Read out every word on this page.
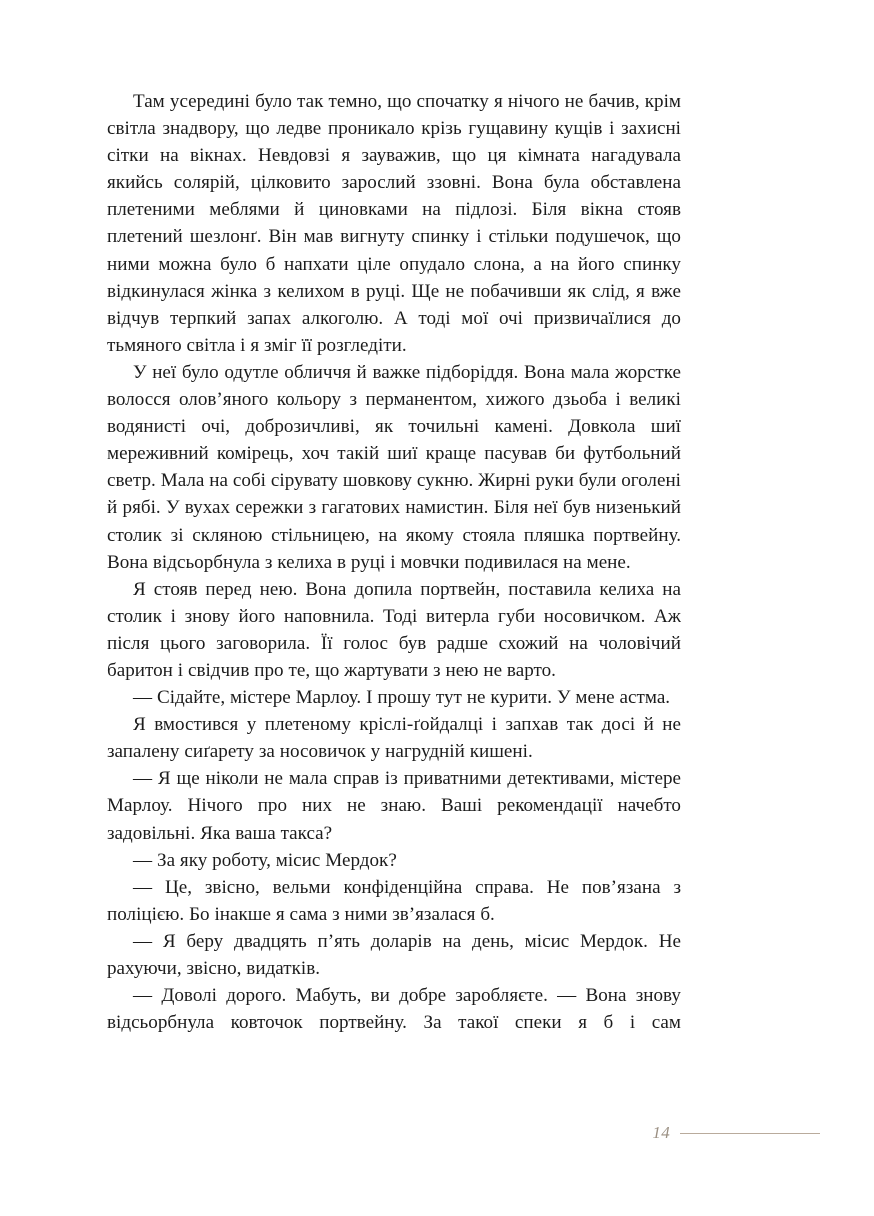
Там усередині було так темно, що спочатку я нічого не бачив, крім світла знадвору, що ледве проникало крізь гущавину кущів і захисні сітки на вікнах. Невдовзі я зауважив, що ця кімната нагадувала якийсь солярій, цілковито зарослий ззовні. Вона була обставлена плетеними меблями й циновками на підлозі. Біля вікна стояв плетений шезлонґ. Він мав вигнуту спинку і стільки подушечок, що ними можна було б напхати ціле опудало слона, а на його спинку відкинулася жінка з келихом в руці. Ще не побачивши як слід, я вже відчув терпкий запах алкоголю. А тоді мої очі призвичаїлися до тьмяного світла і я зміг її розгледіти.

У неї було одутле обличчя й важке підборіддя. Вона мала жорстке волосся олов’яного кольору з перманентом, хижого дзьоба і великі водянисті очі, доброзичливі, як точильні камені. Довкола шиї мереживний комірець, хоч такій шиї краще пасував би футбольний светр. Мала на собі сірувату шовкову сукню. Жирні руки були оголені й рябі. У вухах сережки з гагатових намистин. Біля неї був низенький столик зі скляною стільницею, на якому стояла пляшка портвейну. Вона відсьорбнула з келиха в руці і мовчки подивилася на мене.

Я стояв перед нею. Вона допила портвейн, поставила келиха на столик і знову його наповнила. Тоді витерла губи носовичком. Аж після цього заговорила. Її голос був радше схожий на чоловічий баритон і свідчив про те, що жартувати з нею не варто.

— Сідайте, містере Марлоу. І прошу тут не курити. У мене астма.

Я вмостився у плетеному кріслі-ґойдалці і запхав так досі й не запалену сиґарету за носовичок у нагрудній кишені.

— Я ще ніколи не мала справ із приватними детективами, містере Марлоу. Нічого про них не знаю. Ваші рекомендації начебто задовільні. Яка ваша такса?

— За яку роботу, місис Мердок?

— Це, звісно, вельми конфіденційна справа. Не пов’язана з поліцією. Бо інакше я сама з ними зв’язалася б.

— Я беру двадцять п’ять доларів на день, місис Мердок. Не рахуючи, звісно, видатків.

— Доволі дорого. Мабуть, ви добре заробляєте. — Вона знову відсьорбнула ковточок портвейну. За такої спеки я б і сам

14
